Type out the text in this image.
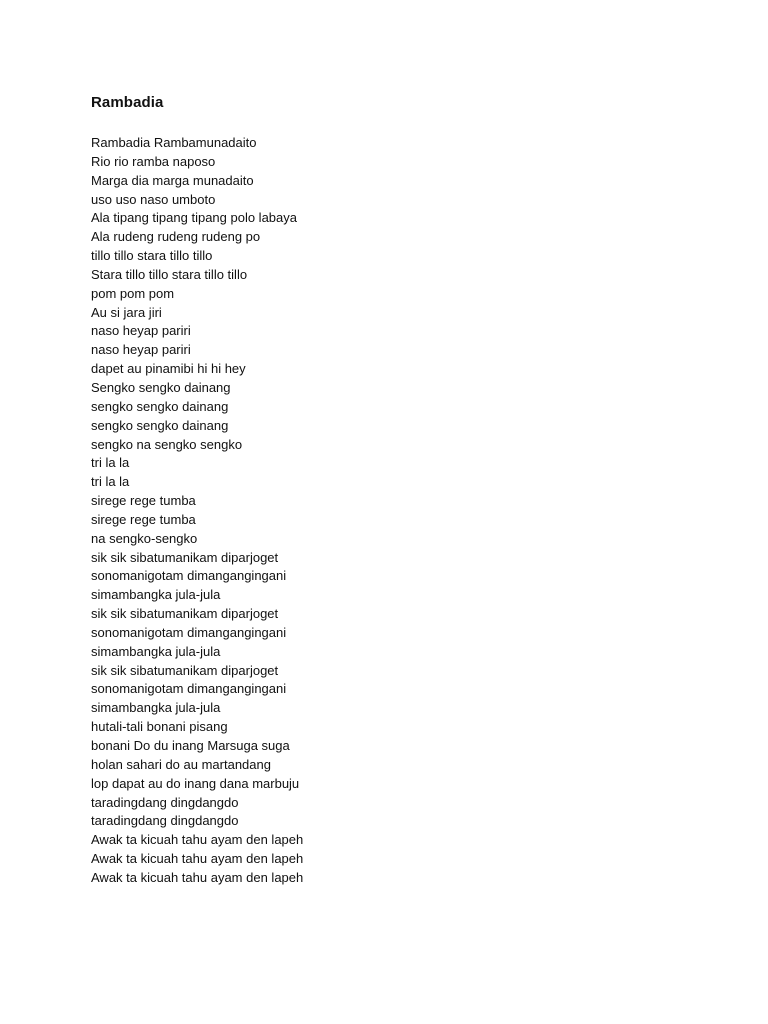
Rambadia
Rambadia Rambamunadaito
Rio rio ramba naposo
Marga dia marga munadaito
uso uso naso umboto
Ala tipang tipang tipang polo labaya
Ala rudeng rudeng rudeng po
tillo tillo stara tillo tillo
Stara tillo tillo stara tillo tillo
pom pom pom
Au si jara jiri
naso heyap pariri
naso heyap pariri
dapet au pinamibi hi hi hey
Sengko sengko dainang
sengko sengko dainang
sengko sengko dainang
sengko na sengko sengko
tri la la
tri la la
sirege rege tumba
sirege rege tumba
na sengko-sengko
sik sik sibatumanikam diparjoget
sonomanigotam dimangangingani
simambangka jula-jula
sik sik sibatumanikam diparjoget
sonomanigotam dimangangingani
simambangka jula-jula
sik sik sibatumanikam diparjoget
sonomanigotam dimangangingani
simambangka jula-jula
hutali-tali bonani pisang
bonani Do du inang Marsuga suga
holan sahari do au martandang
lop dapat au do inang dana marbuju
taradingdang dingdangdo
taradingdang dingdangdo
Awak ta kicuah tahu ayam den lapeh
Awak ta kicuah tahu ayam den lapeh
Awak ta kicuah tahu ayam den lapeh
